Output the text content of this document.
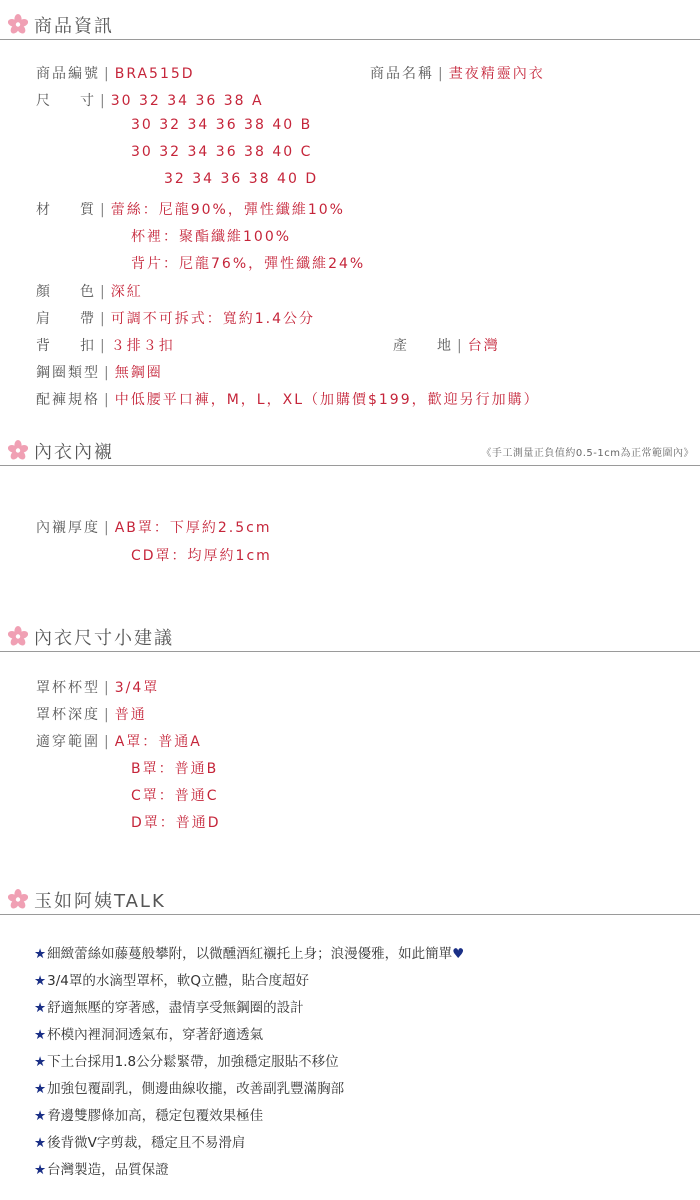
商品資訊
商品編號 | BRA515D	商品名稱 | 晝夜精靈內衣
尺 寸 | 30 32 34 36 38 A
30 32 34 36 38 40 B
30 32 34 36 38 40 C
32 34 36 38 40 D
材 質 | 蕾絲：尼龍90%，彈性纖維10%
杯裡：聚酯纖維100%
背片：尼龍76%，彈性纖維24%
顏 色 | 深紅
肩 帶 | 可調不可拆式：寬約1.4公分
背 扣 | ３排３扣	產 地 | 台灣
鋼圈類型 | 無鋼圈
配褲規格 | 中低腰平口褲，M，L，XL（加購價$199，歡迎另行加購）
內衣內襯	《手工測量正負值約0.5-1cm為正常範圍內》
內襯厚度 | AB罩：下厚約2.5cm
CD罩：均厚約1cm
內衣尺寸小建議
罩杯杯型 | 3/4罩
罩杯深度 | 普通
適穿範圍 | A罩：普通A
B罩：普通B
C罩：普通C
D罩：普通D
玉如阿姨TALK
★細緻蕾絲如藤蔓般攀附，以微醺酒紅襯托上身；浪漫優雅，如此簡單♥
★3/4罩的水滴型罩杯，軟Q立體，貼合度超好
★舒適無壓的穿著感，盡情享受無鋼圈的設計
★杯模內裡洞洞透氣布，穿著舒適透氣
★下土台採用1.8公分鬆緊帶，加強穩定服貼不移位
★加強包覆副乳，側邊曲線收攏，改善副乳豐滿胸部
★脅邊雙膠條加高，穩定包覆效果極佳
★後背微V字剪裁，穩定且不易滑肩
★台灣製造，品質保證
